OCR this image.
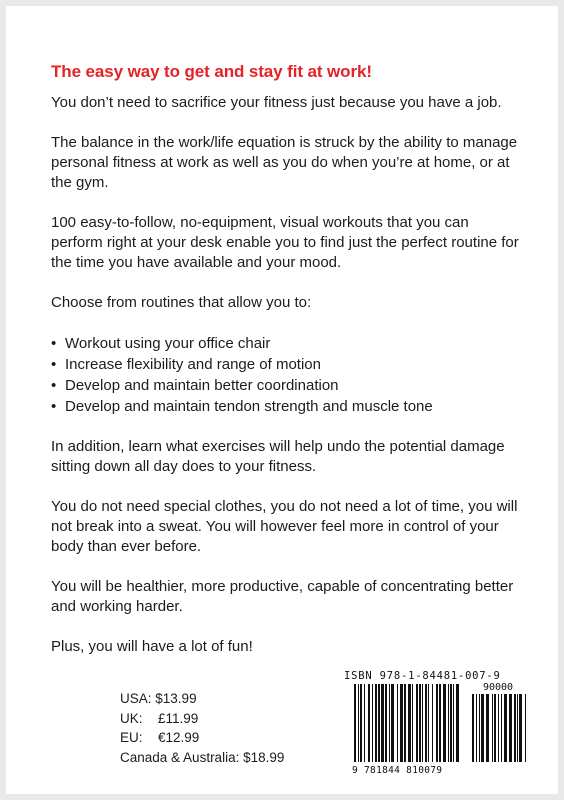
The easy way to get and stay fit at work!

You don’t need to sacrifice your fitness just because you have a job.

The balance in the work/life equation is struck by the ability to manage personal fitness at work as well as you do when you’re at home, or at the gym.

100 easy-to-follow, no-equipment, visual workouts that you can perform right at your desk enable you to find just the perfect routine for the time you have available and your mood.

Choose from routines that allow you to:

• Workout using your office chair
• Increase flexibility and range of motion
• Develop and maintain better coordination
• Develop and maintain tendon strength and muscle tone

In addition, learn what exercises will help undo the potential damage sitting down all day does to your fitness.

You do not need special clothes, you do not need a lot of time, you will not break into a sweat. You will however feel more in control of your body than ever before.

You will be healthier, more productive, capable of concentrating better and working harder.

Plus, you will have a lot of fun!

USA: $13.99
UK: £11.99
EU: €12.99
Canada & Australia: $18.99
ISBN 978-1-84481-007-9
90000
9 781844 810079
